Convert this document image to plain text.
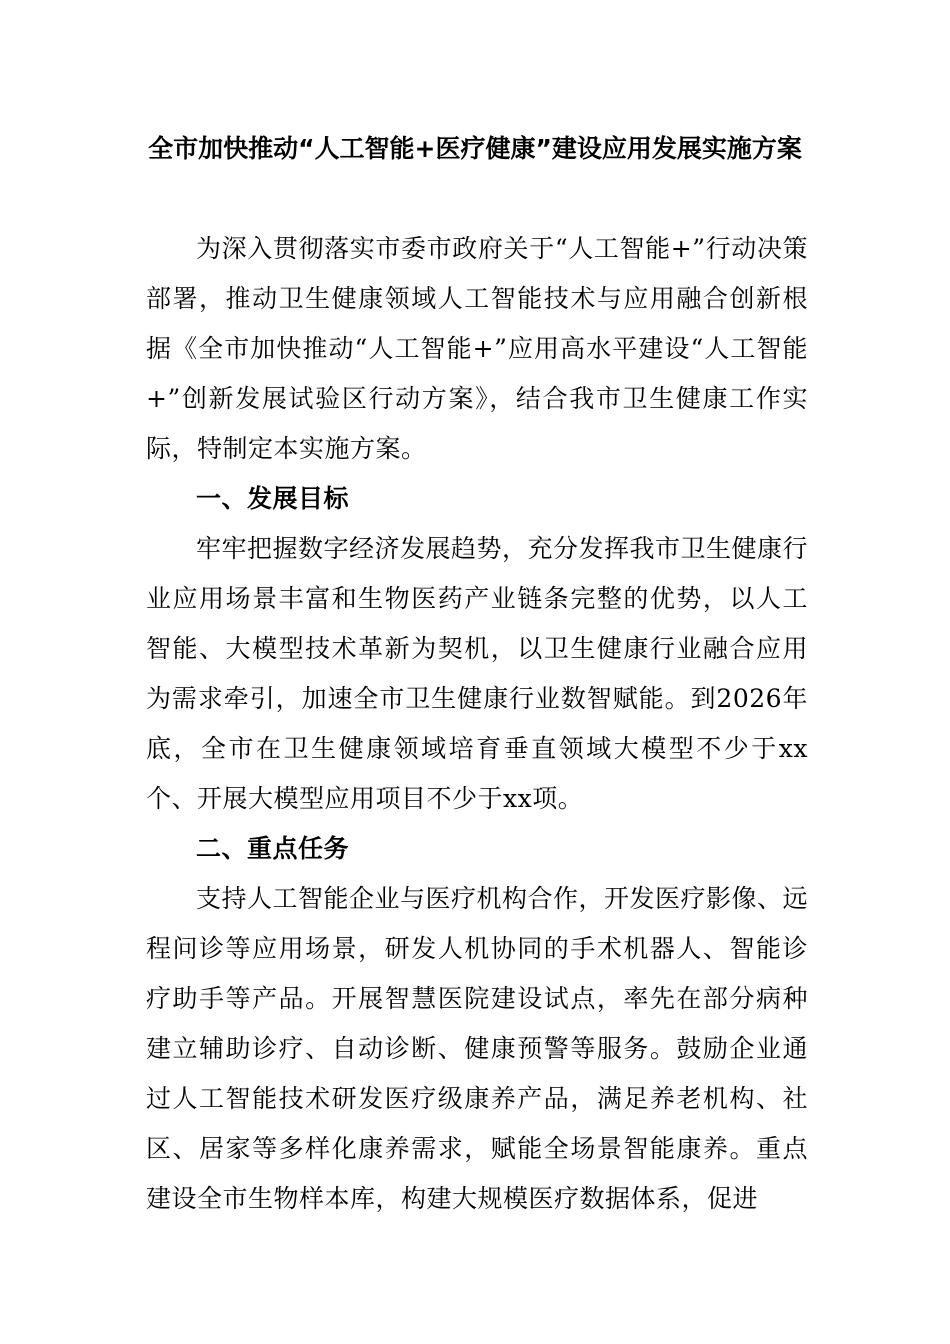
全市加快推动“人工智能+医疗健康”建设应用发展实施方案

为深入贯彻落实市委市政府关于“人工智能+”行动决策部署，推动卫生健康领域人工智能技术与应用融合创新根据《全市加快推动“人工智能+”应用高水平建设“人工智能+”创新发展试验区行动方案》，结合我市卫生健康工作实际，特制定本实施方案。

一、发展目标

牢牢把握数字经济发展趋势，充分发挥我市卫生健康行业应用场景丰富和生物医药产业链条完整的优势，以人工智能、大模型技术革新为契机，以卫生健康行业融合应用为需求牵引，加速全市卫生健康行业数智赋能。到2026年底，全市在卫生健康领域培育垂直领域大模型不少于xx个、开展大模型应用项目不少于xx项。

二、重点任务

支持人工智能企业与医疗机构合作，开发医疗影像、远程问诊等应用场景，研发人机协同的手术机器人、智能诊疗助手等产品。开展智慧医院建设试点，率先在部分病种建立辅助诊疗、自动诊断、健康预警等服务。鼓励企业通过人工智能技术研发医疗级康养产品，满足养老机构、社区、居家等多样化康养需求，赋能全场景智能康养。重点建设全市生物样本库，构建大规模医疗数据体系，促进
